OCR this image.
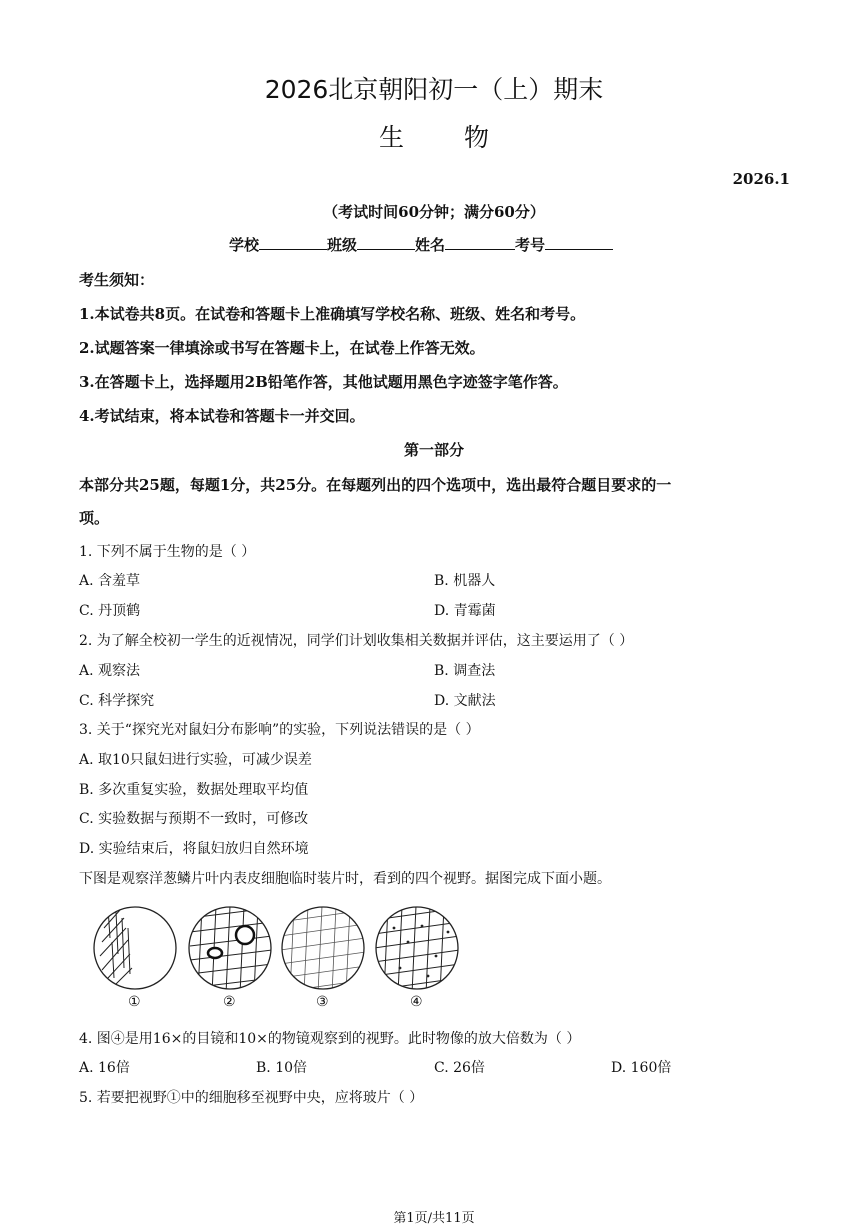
2026北京朝阳初一（上）期末
生物
2026.1
（考试时间60分钟；满分60分）
学校	班级	姓名	考号
考生须知：
1.本试卷共8页。在试卷和答题卡上准确填写学校名称、班级、姓名和考号。
2.试题答案一律填涂或书写在答题卡上，在试卷上作答无效。
3.在答题卡上，选择题用2B铅笔作答，其他试题用黑色字迹签字笔作答。
4.考试结束，将本试卷和答题卡一并交回。
第一部分
本部分共25题，每题1分，共25分。在每题列出的四个选项中，选出最符合题目要求的一
项。
1. 下列不属于生物的是（ ）
A. 含羞草	B. 机器人
C. 丹顶鹤	D. 青霉菌
2. 为了解全校初一学生的近视情况，同学们计划收集相关数据并评估，这主要运用了（ ）
A. 观察法	B. 调查法
C. 科学探究	D. 文献法
3. 关于“探究光对鼠妇分布影响”的实验，下列说法错误的是（ ）
A. 取10只鼠妇进行实验，可减少误差
B. 多次重复实验，数据处理取平均值
C. 实验数据与预期不一致时，可修改
D. 实验结束后，将鼠妇放归自然环境
下图是观察洋葱鳞片叶内表皮细胞临时装片时，看到的四个视野。据图完成下面小题。
①	②	③	④
4. 图④是用16×的目镜和10×的物镜观察到的视野。此时物像的放大倍数为（ ）
A. 16倍	B. 10倍	C. 26倍	D. 160倍
5. 若要把视野①中的细胞移至视野中央，应将玻片（ ）
第1页/共11页
